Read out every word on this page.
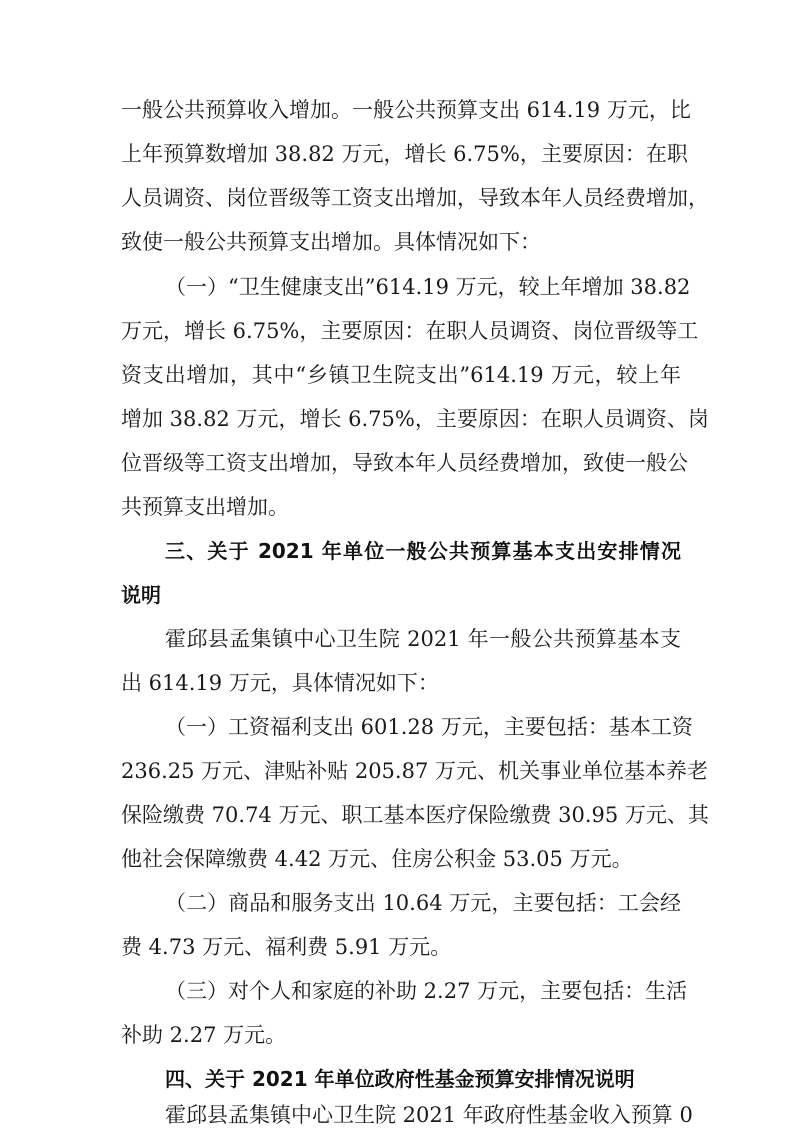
一般公共预算收入增加。一般公共预算支出 614.19 万元，比
上年预算数增加 38.82 万元，增长 6.75%，主要原因：在职
人员调资、岗位晋级等工资支出增加，导致本年人员经费增加，
致使一般公共预算支出增加。具体情况如下：
（一）“卫生健康支出”614.19 万元，较上年增加 38.82
万元，增长 6.75%，主要原因：在职人员调资、岗位晋级等工
资支出增加，其中“乡镇卫生院支出”614.19 万元，较上年
增加 38.82 万元，增长 6.75%，主要原因：在职人员调资、岗
位晋级等工资支出增加，导致本年人员经费增加，致使一般公
共预算支出增加。
三、关于 2021 年单位一般公共预算基本支出安排情况
说明
霍邱县孟集镇中心卫生院 2021 年一般公共预算基本支
出 614.19 万元，具体情况如下：
（一）工资福利支出 601.28 万元，主要包括：基本工资
236.25 万元、津贴补贴 205.87 万元、机关事业单位基本养老
保险缴费 70.74 万元、职工基本医疗保险缴费 30.95 万元、其
他社会保障缴费 4.42 万元、住房公积金 53.05 万元。
（二）商品和服务支出 10.64 万元，主要包括：工会经
费 4.73 万元、福利费 5.91 万元。
（三）对个人和家庭的补助 2.27 万元，主要包括：生活
补助 2.27 万元。
四、关于 2021 年单位政府性基金预算安排情况说明
霍邱县孟集镇中心卫生院 2021 年政府性基金收入预算 0
